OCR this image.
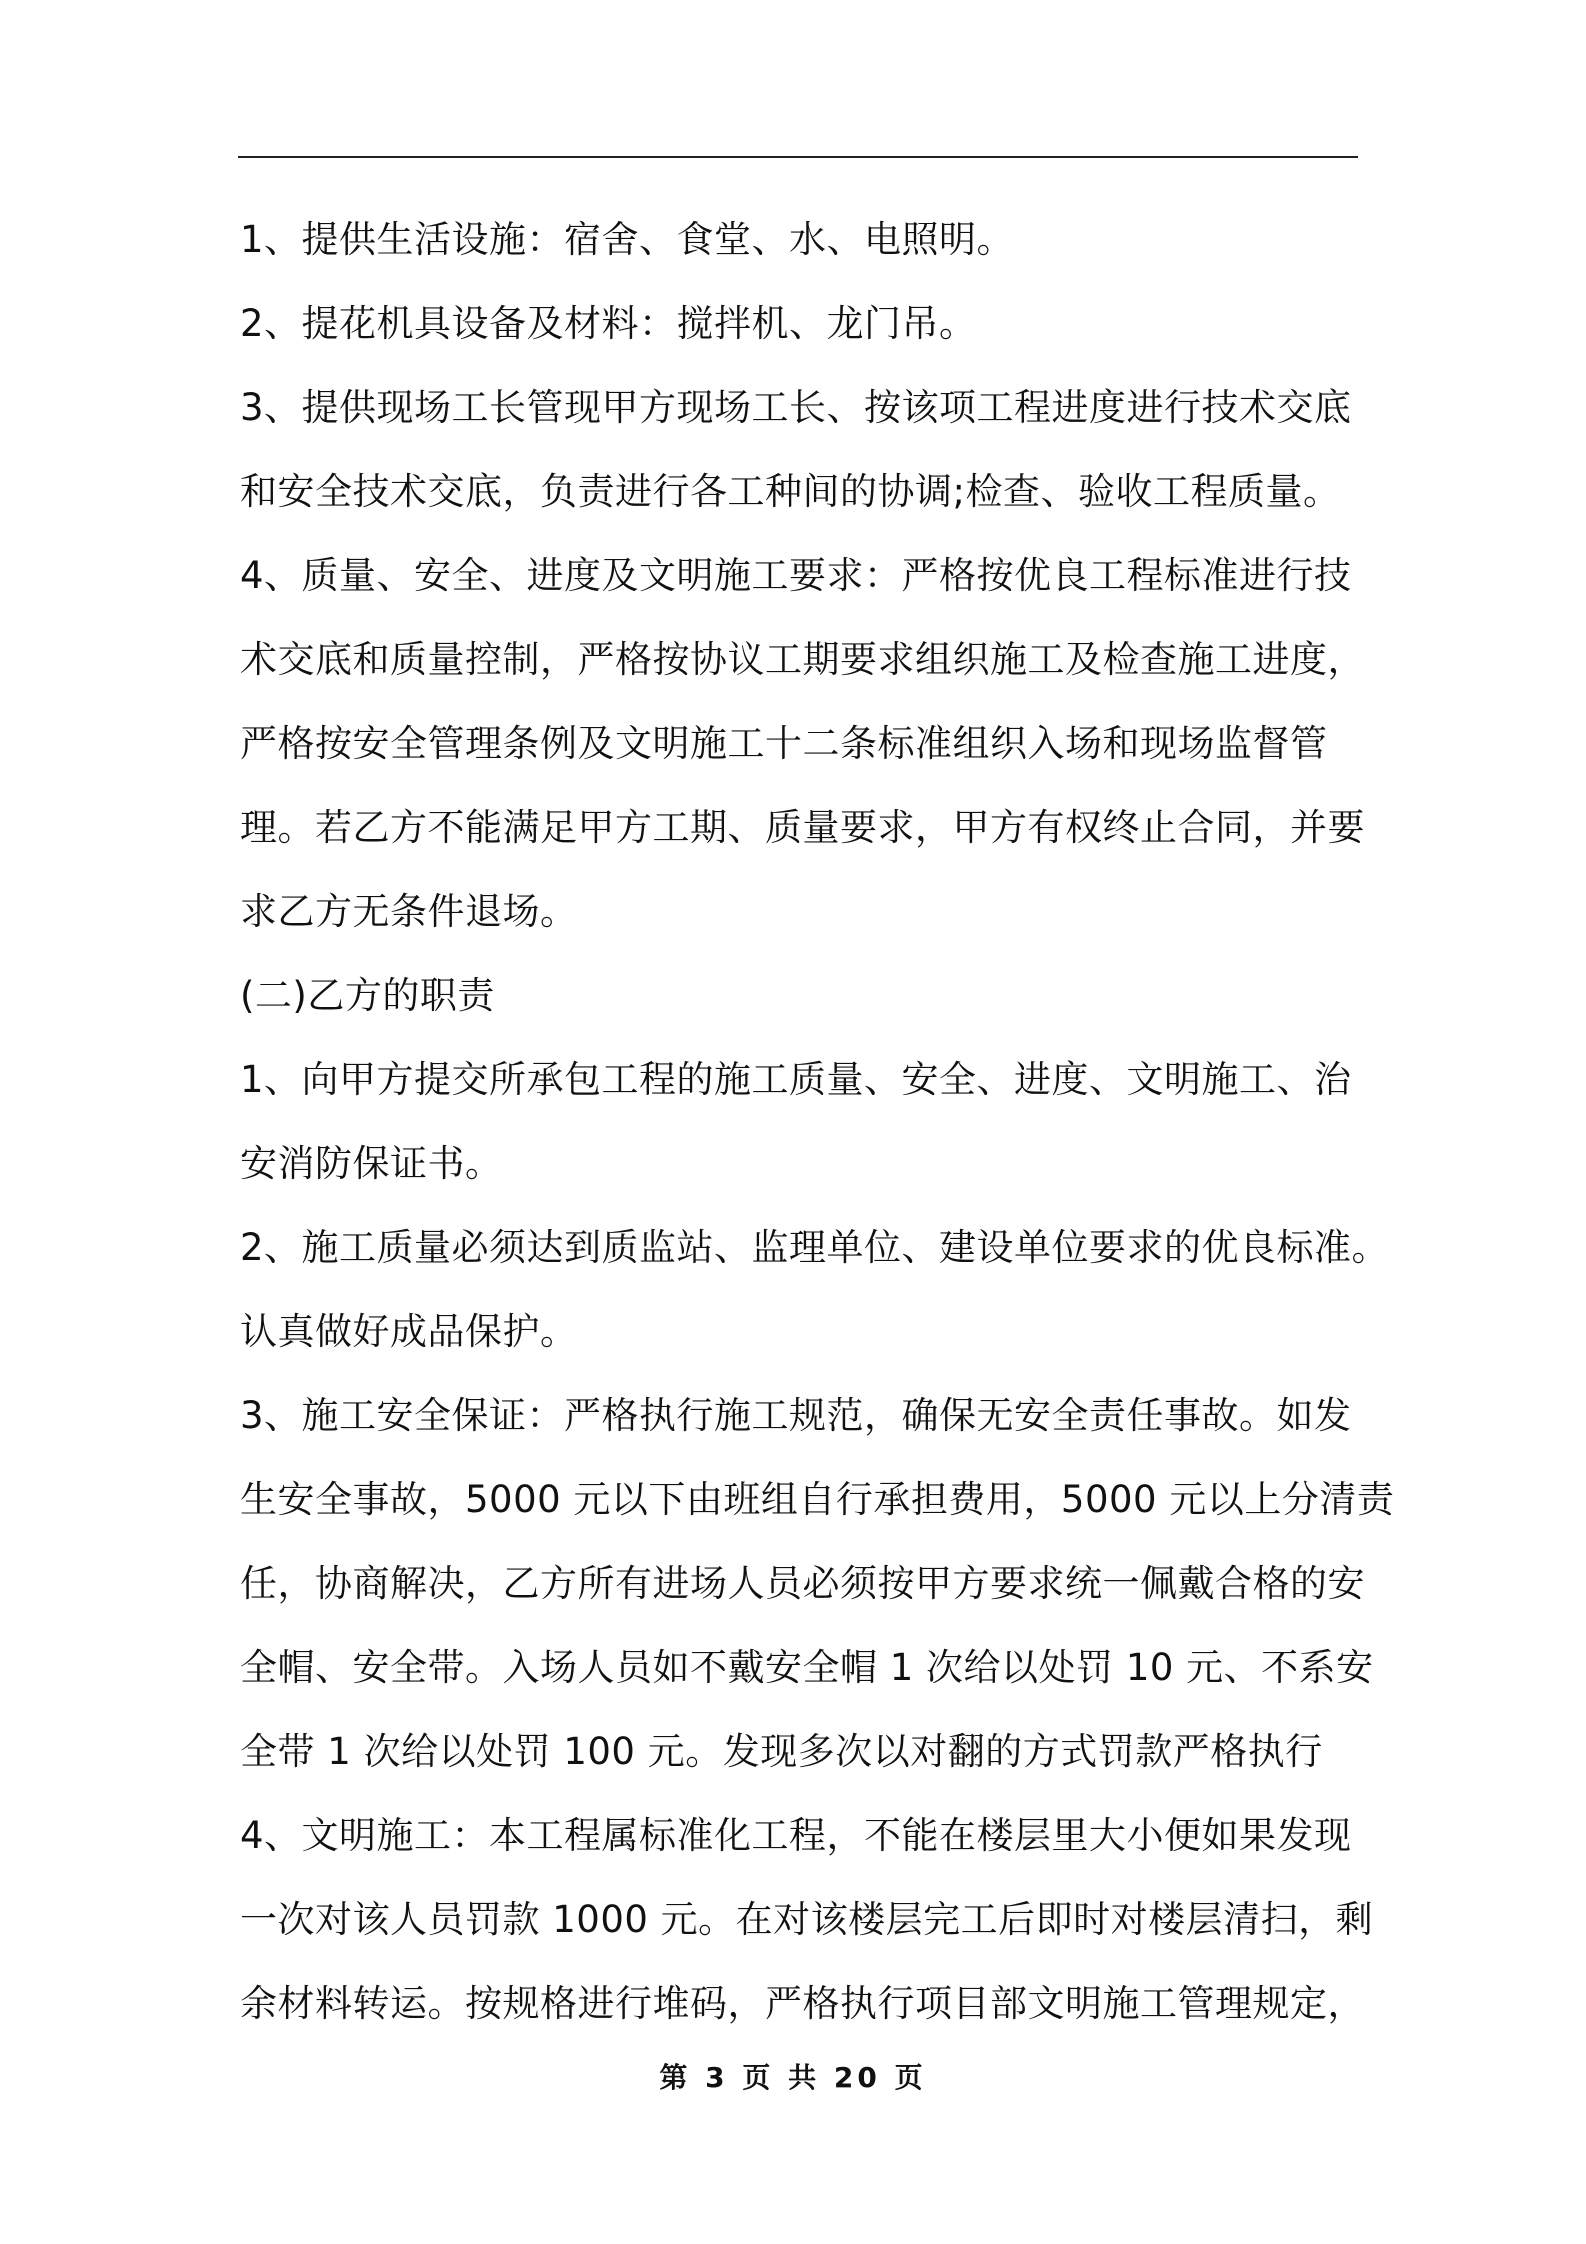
1、提供生活设施：宿舍、食堂、水、电照明。
2、提花机具设备及材料：搅拌机、龙门吊。
3、提供现场工长管现甲方现场工长、按该项工程进度进行技术交底
和安全技术交底，负责进行各工种间的协调;检查、验收工程质量。
4、质量、安全、进度及文明施工要求：严格按优良工程标准进行技
术交底和质量控制，严格按协议工期要求组织施工及检查施工进度，
严格按安全管理条例及文明施工十二条标准组织入场和现场监督管
理。若乙方不能满足甲方工期、质量要求，甲方有权终止合同，并要
求乙方无条件退场。
(二)乙方的职责
1、向甲方提交所承包工程的施工质量、安全、进度、文明施工、治
安消防保证书。
2、施工质量必须达到质监站、监理单位、建设单位要求的优良标准。
认真做好成品保护。
3、施工安全保证：严格执行施工规范，确保无安全责任事故。如发
生安全事故，5000 元以下由班组自行承担费用，5000 元以上分清责
任，协商解决，乙方所有进场人员必须按甲方要求统一佩戴合格的安
全帽、安全带。入场人员如不戴安全帽 1 次给以处罚 10 元、不系安
全带 1 次给以处罚 100 元。发现多次以对翻的方式罚款严格执行
4、文明施工：本工程属标准化工程，不能在楼层里大小便如果发现
一次对该人员罚款 1000 元。在对该楼层完工后即时对楼层清扫，剩
余材料转运。按规格进行堆码，严格执行项目部文明施工管理规定，
第 3 页 共 20 页
